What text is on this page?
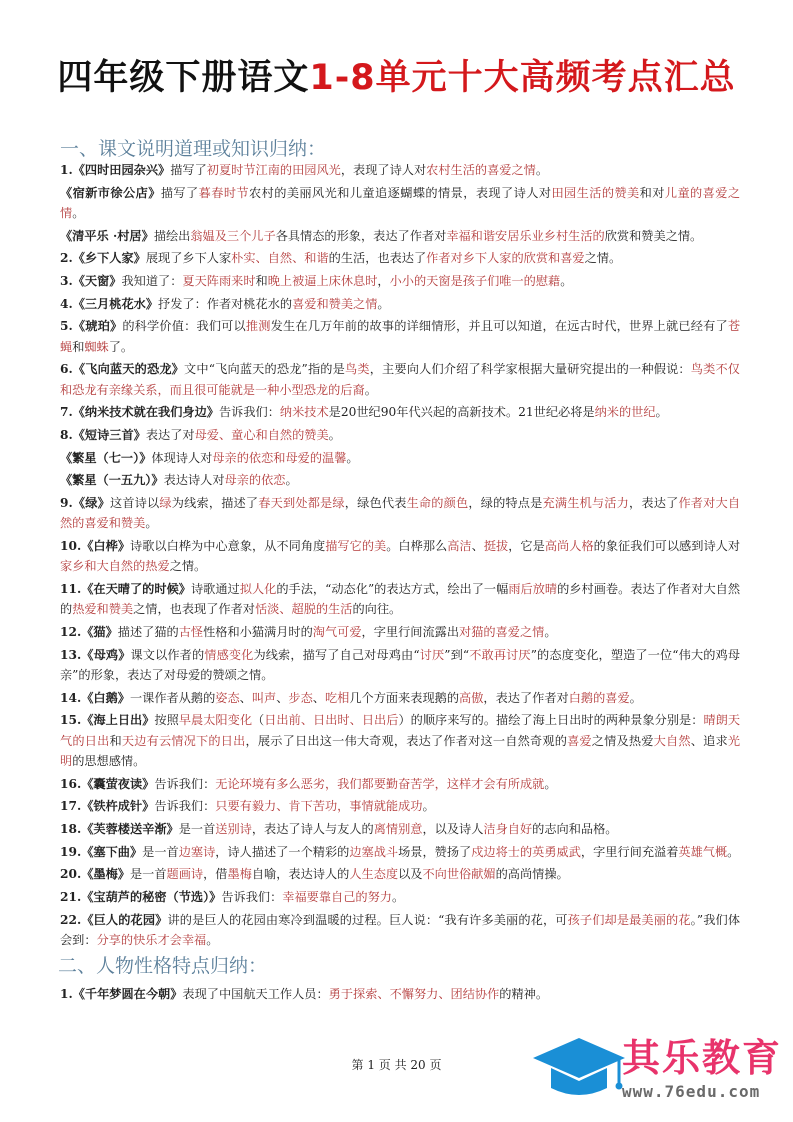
四年级下册语文1-8单元十大高频考点汇总
一、课文说明道理或知识归纳：
1.《四时田园杂兴》描写了初夏时节江南的田园风光，表现了诗人对农村生活的喜爱之情。
《宿新市徐公店》描写了暮春时节农村的美丽风光和儿童追逐蝴蝶的情景，表现了诗人对田园生活的赞美和对儿童的喜爱之情。
《清平乐 ·村居》描绘出翁媪及三个儿子各具情态的形象，表达了作者对幸福和谐安居乐业乡村生活的欣赏和赞美之情。
2.《乡下人家》展现了乡下人家朴实、自然、和谐的生活，也表达了作者对乡下人家的欣赏和喜爱之情。
3.《天窗》我知道了：夏天阵雨来时和晚上被逼上床休息时，小小的天窗是孩子们唯一的慰藉。
4.《三月桃花水》抒发了：作者对桃花水的喜爱和赞美之情。
5.《琥珀》的科学价值：我们可以推测发生在几万年前的故事的详细情形，并且可以知道，在远古时代，世界上就已经有了苍蝇和蜘蛛了。
6.《飞向蓝天的恐龙》文中“飞向蓝天的恐龙”指的是鸟类，主要向人们介绍了科学家根据大量研究提出的一种假说：鸟类不仅和恐龙有亲缘关系，而且很可能就是一种小型恐龙的后裔。
7.《纳米技术就在我们身边》告诉我们：纳米技术是20世纪90年代兴起的高新技术。21世纪必将是纳米的世纪。
8.《短诗三首》表达了对母爱、童心和自然的赞美。
《繁星（七一）》体现诗人对母亲的依恋和母爱的温馨。
《繁星（一五九）》表达诗人对母亲的依恋。
9.《绿》这首诗以绿为线索，描述了春天到处都是绿，绿色代表生命的颜色，绿的特点是充满生机与活力，表达了作者对大自然的喜爱和赞美。
10.《白桦》诗歌以白桦为中心意象，从不同角度描写它的美。白桦那么高洁、挺拔，它是高尚人格的象征我们可以感到诗人对家乡和大自然的热爱之情。
11.《在天晴了的时候》诗歌通过拟人化的手法，“动态化”的表达方式，绘出了一幅雨后放晴的乡村画卷。表达了作者对大自然的热爱和赞美之情，也表现了作者对恬淡、超脱的生活的向往。
12.《猫》描述了猫的古怪性格和小猫满月时的淘气可爱，字里行间流露出对猫的喜爱之情。
13.《母鸡》课文以作者的情感变化为线索，描写了自己对母鸡由“讨厌”到“不敢再讨厌”的态度变化，塑造了一位“伟大的鸡母亲”的形象，表达了对母爱的赞颂之情。
14.《白鹅》一课作者从鹅的姿态、叫声、步态、吃相几个方面来表现鹅的高傲，表达了作者对白鹅的喜爱。
15.《海上日出》按照早晨太阳变化（日出前、日出时、日出后）的顺序来写的。描绘了海上日出时的两种景象分别是：晴朗天气的日出和天边有云情况下的日出，展示了日出这一伟大奇观，表达了作者对这一自然奇观的喜爱之情及热爱大自然、追求光明的思想感情。
16.《囊萤夜读》告诉我们：无论环境有多么恶劣，我们都要勤奋苦学，这样才会有所成就。
17.《铁杵成针》告诉我们：只要有毅力、肯下苦功，事情就能成功。
18.《芙蓉楼送辛渐》是一首送别诗，表达了诗人与友人的离情别意，以及诗人洁身自好的志向和品格。
19.《塞下曲》是一首边塞诗，诗人描述了一个精彩的边塞战斗场景，赞扬了戍边将士的英勇威武，字里行间充溢着英雄气概。
20.《墨梅》是一首题画诗，借墨梅自喻，表达诗人的人生态度以及不向世俗献媚的高尚情操。
21.《宝葫芦的秘密（节选）》告诉我们：幸福要靠自己的努力。
22.《巨人的花园》讲的是巨人的花园由寒冷到温暖的过程。巨人说：“我有许多美丽的花，可孩子们却是最美丽的花。”我们体会到：分享的快乐才会幸福。
二、人物性格特点归纳：
1.《千年梦圆在今朝》表现了中国航天工作人员：勇于探索、不懈努力、团结协作的精神。
第 1 页 共 20 页	其乐教育
www.76edu.com
